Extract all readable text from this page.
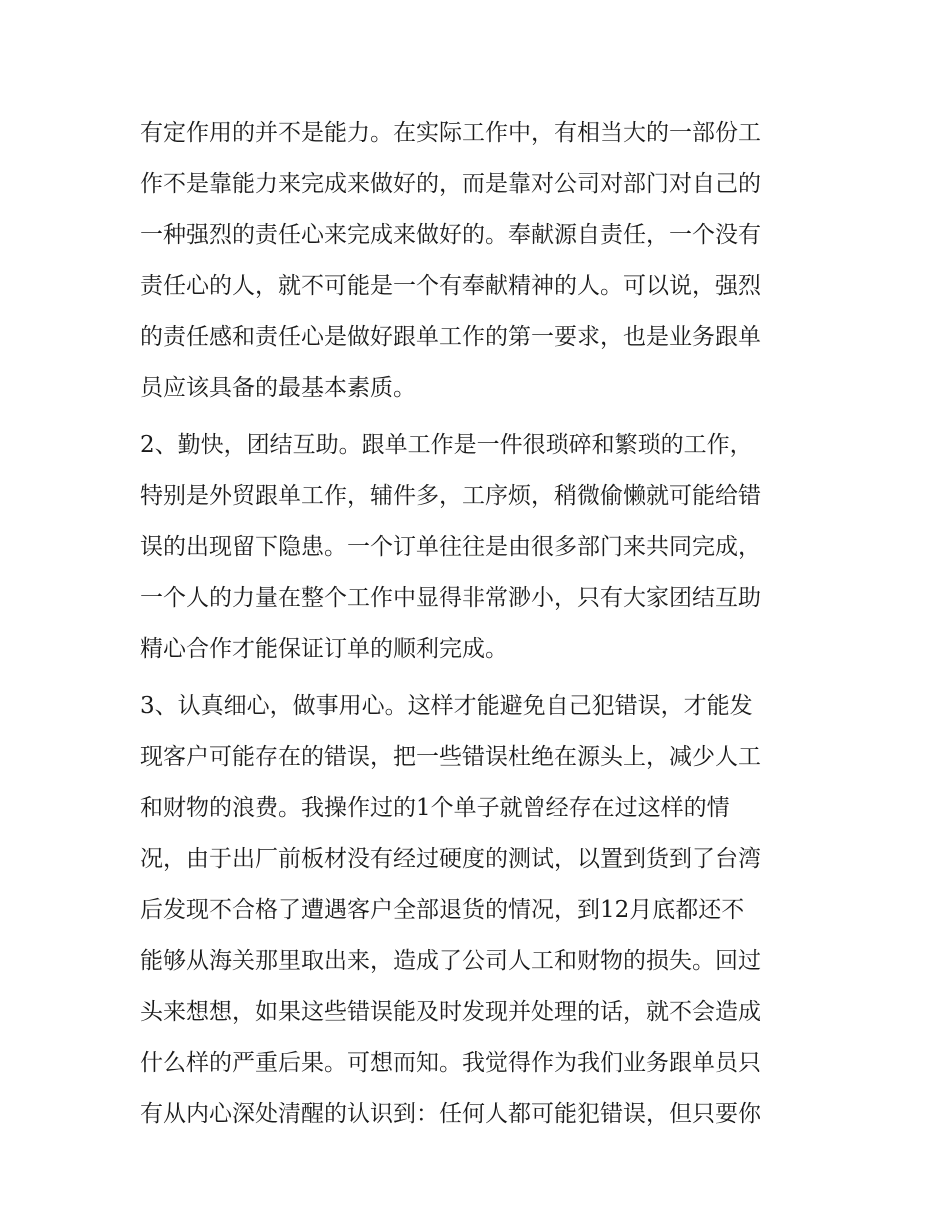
有定作用的并不是能力。在实际工作中，有相当大的一部份工
作不是靠能力来完成来做好的，而是靠对公司对部门对自己的
一种强烈的责任心来完成来做好的。奉献源自责任，一个没有
责任心的人，就不可能是一个有奉献精神的人。可以说，强烈
的责任感和责任心是做好跟单工作的第一要求，也是业务跟单
员应该具备的最基本素质。
2、勤快，团结互助。跟单工作是一件很琐碎和繁琐的工作，
特别是外贸跟单工作，辅件多，工序烦，稍微偷懒就可能给错
误的出现留下隐患。一个订单往往是由很多部门来共同完成，
一个人的力量在整个工作中显得非常渺小，只有大家团结互助
精心合作才能保证订单的顺利完成。
3、认真细心，做事用心。这样才能避免自己犯错误，才能发
现客户可能存在的错误，把一些错误杜绝在源头上，减少人工
和财物的浪费。我操作过的1个单子就曾经存在过这样的情
况，由于出厂前板材没有经过硬度的测试，以置到货到了台湾
后发现不合格了遭遇客户全部退货的情况，到12月底都还不
能够从海关那里取出来，造成了公司人工和财物的损失。回过
头来想想，如果这些错误能及时发现并处理的话，就不会造成
什么样的严重后果。可想而知。我觉得作为我们业务跟单员只
有从内心深处清醒的认识到：任何人都可能犯错误，但只要你
